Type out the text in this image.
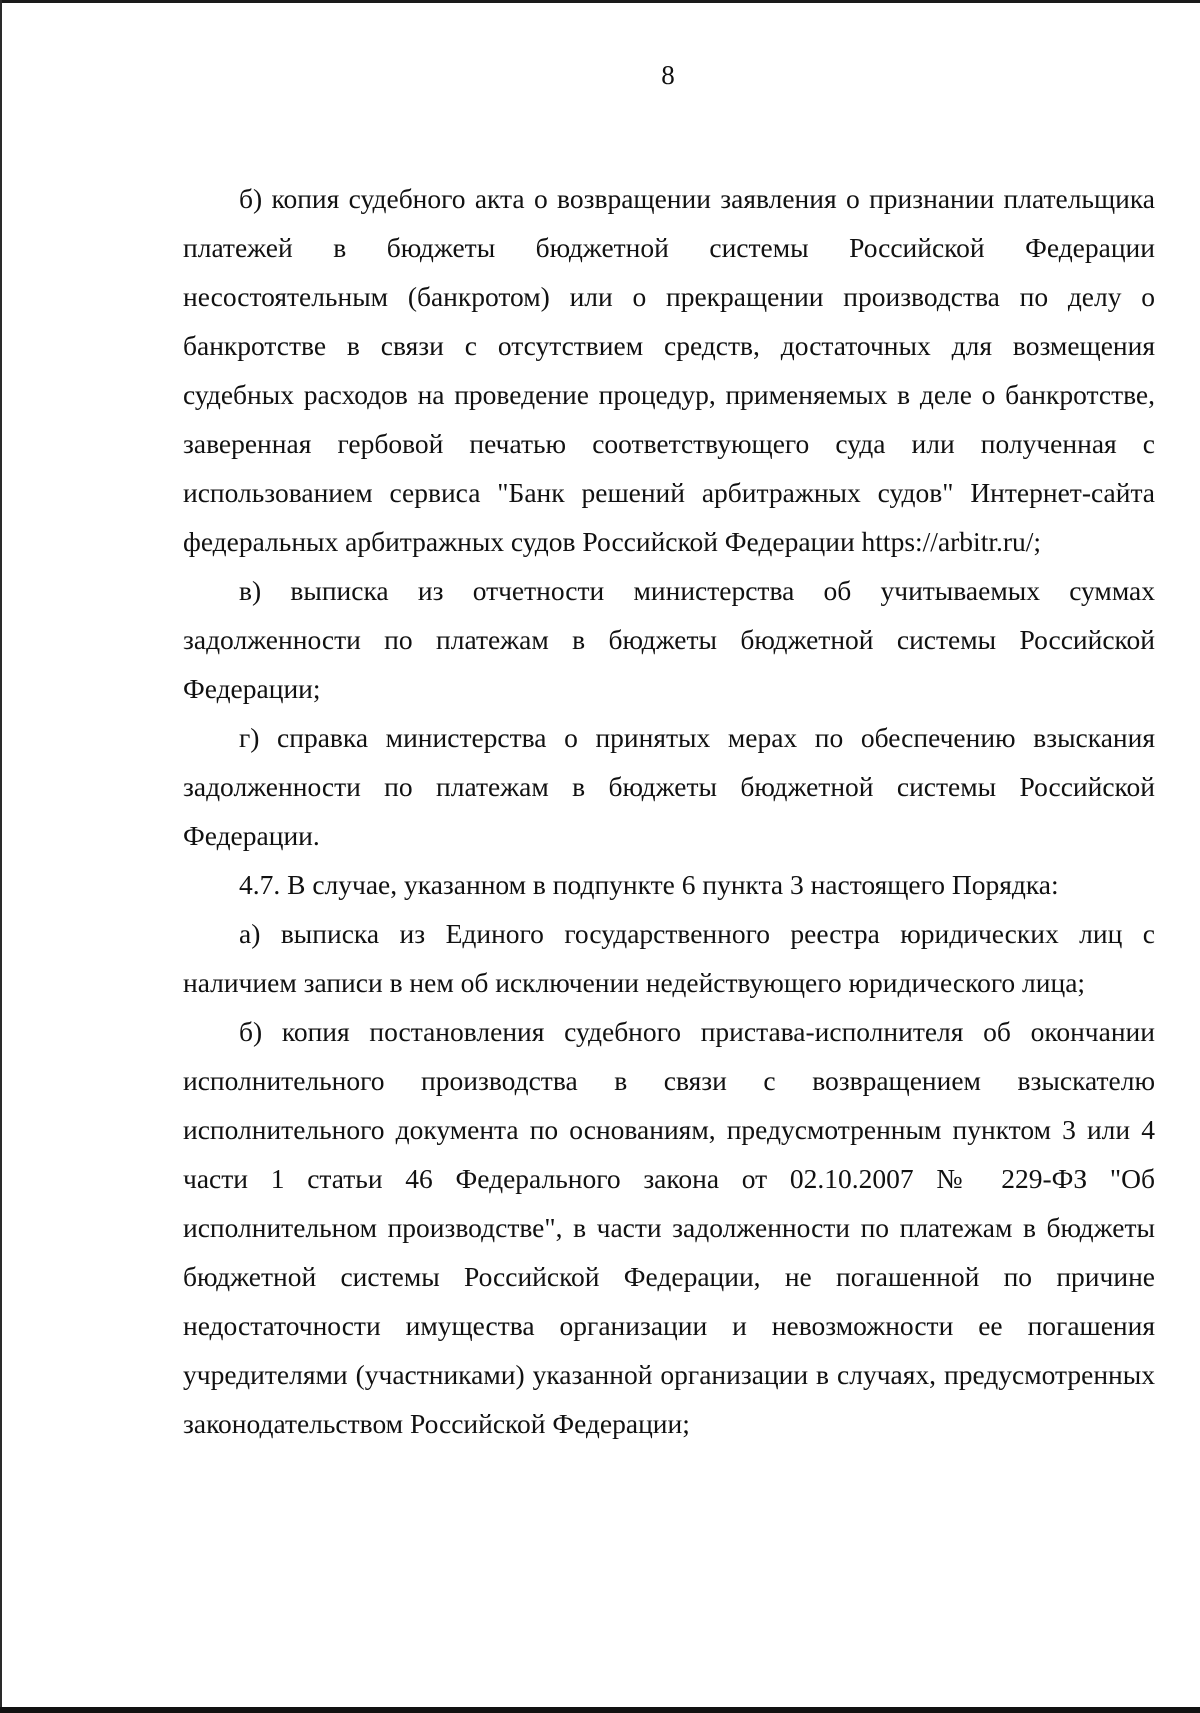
8

б) копия судебного акта о возвращении заявления о признании плательщика платежей в бюджеты бюджетной системы Российской Федерации несостоятельным (банкротом) или о прекращении производства по делу о банкротстве в связи с отсутствием средств, достаточных для возмещения судебных расходов на проведение процедур, применяемых в деле о банкротстве, заверенная гербовой печатью соответствующего суда или полученная с использованием сервиса "Банк решений арбитражных судов" Интернет-сайта федеральных арбитражных судов Российской Федерации https://arbitr.ru/;

в) выписка из отчетности министерства об учитываемых суммах задолженности по платежам в бюджеты бюджетной системы Российской Федерации;

г) справка министерства о принятых мерах по обеспечению взыскания задолженности по платежам в бюджеты бюджетной системы Российской Федерации.

4.7. В случае, указанном в подпункте 6 пункта 3 настоящего Порядка:

а) выписка из Единого государственного реестра юридических лиц с наличием записи в нем об исключении недействующего юридического лица;

б) копия постановления судебного пристава-исполнителя об окончании исполнительного производства в связи с возвращением взыскателю исполнительного документа по основаниям, предусмотренным пунктом 3 или 4 части 1 статьи 46 Федерального закона от 02.10.2007 № 229-ФЗ "Об исполнительном производстве", в части задолженности по платежам в бюджеты бюджетной системы Российской Федерации, не погашенной по причине недостаточности имущества организации и невозможности ее погашения учредителями (участниками) указанной организации в случаях, предусмотренных законодательством Российской Федерации;
